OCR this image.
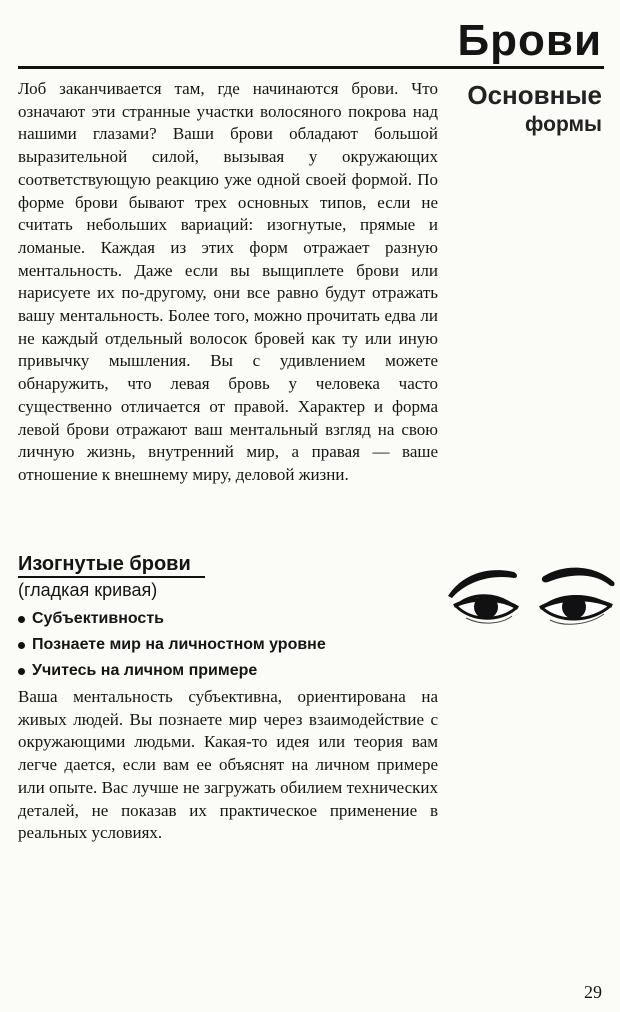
Брови
Основные
формы

Лоб заканчивается там, где начинаются брови. Что означают эти странные участки волосяного покрова над нашими глазами? Ваши брови обладают большой выразительной силой, вызывая у окружающих соответствующую реакцию уже одной своей формой. По форме брови бывают трех основных типов, если не считать небольших вариаций: изогнутые, прямые и ломаные. Каждая из этих форм отражает разную ментальность. Даже если вы выщиплете брови или нарисуете их по-другому, они все равно будут отражать вашу ментальность. Более того, можно прочитать едва ли не каждый отдельный волосок бровей как ту или иную привычку мышления. Вы с удивлением можете обнаружить, что левая бровь у человека часто существенно отличается от правой. Характер и форма левой брови отражают ваш ментальный взгляд на свою личную жизнь, внутренний мир, а правая — ваше отношение к внешнему миру, деловой жизни.

Изогнутые брови

(гладкая кривая)

Субъективность
Познаете мир на личностном уровне
Учитесь на личном примере

Ваша ментальность субъективна, ориентирована на живых людей. Вы познаете мир через взаимодействие с окружающими людьми. Какая-то идея или теория вам легче дается, если вам ее объяснят на личном примере или опыте. Вас лучше не загружать обилием технических деталей, не показав их практическое применение в реальных условиях.

29
